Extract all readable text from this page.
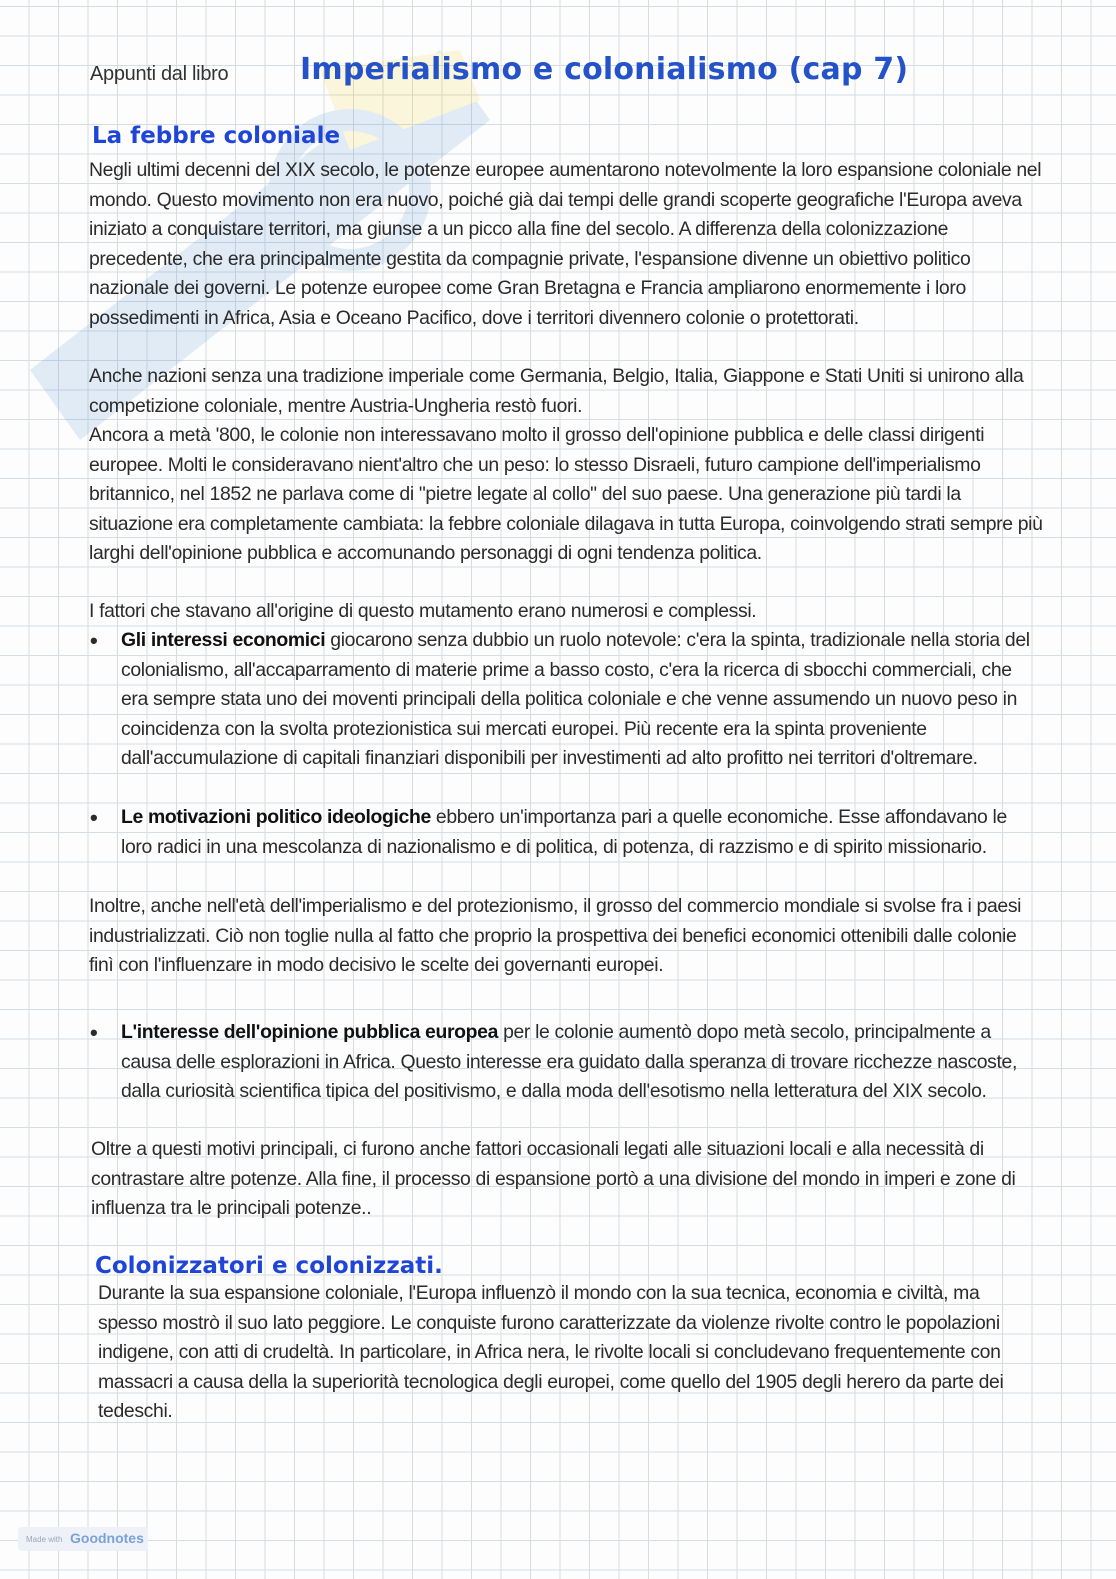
Appunti dal libro Imperialismo e colonialismo (cap 7)
La febbre coloniale

Negli ultimi decenni del XIX secolo, le potenze europee aumentarono notevolmente la loro espansione coloniale nel mondo. Questo movimento non era nuovo, poiché già dai tempi delle grandi scoperte geografiche l'Europa aveva iniziato a conquistare territori, ma giunse a un picco alla fine del secolo. A differenza della colonizzazione precedente, che era principalmente gestita da compagnie private, l'espansione divenne un obiettivo politico nazionale dei governi. Le potenze europee come Gran Bretagna e Francia ampliarono enormemente i loro possedimenti in Africa, Asia e Oceano Pacifico, dove i territori divennero colonie o protettorati.

Anche nazioni senza una tradizione imperiale come Germania, Belgio, Italia, Giappone e Stati Uniti si unirono alla competizione coloniale, mentre Austria-Ungheria restò fuori.

Ancora a metà '800, le colonie non interessavano molto il grosso dell'opinione pubblica e delle classi dirigenti europee. Molti le consideravano nient'altro che un peso: lo stesso Disraeli, futuro campione dell'imperialismo britannico, nel 1852 ne parlava come di "pietre legate al collo" del suo paese. Una generazione più tardi la situazione era completamente cambiata: la febbre coloniale dilagava in tutta Europa, coinvolgendo strati sempre più larghi dell'opinione pubblica e accomunando personaggi di ogni tendenza politica.

I fattori che stavano all'origine di questo mutamento erano numerosi e complessi.

• Gli interessi economici giocarono senza dubbio un ruolo notevole: c'era la spinta, tradizionale nella storia del colonialismo, all'accaparramento di materie prime a basso costo, c'era la ricerca di sbocchi commerciali, che era sempre stata uno dei moventi principali della politica coloniale e che venne assumendo un nuovo peso in coincidenza con la svolta protezionistica sui mercati europei. Più recente era la spinta proveniente dall'accumulazione di capitali finanziari disponibili per investimenti ad alto profitto nei territori d'oltremare.
• Le motivazioni politico ideologiche ebbero un'importanza pari a quelle economiche. Esse affondavano le loro radici in una mescolanza di nazionalismo e di politica, di potenza, di razzismo e di spirito missionario.

Inoltre, anche nell'età dell'imperialismo e del protezionismo, il grosso del commercio mondiale si svolse fra i paesi industrializzati. Ciò non toglie nulla al fatto che proprio la prospettiva dei benefici economici ottenibili dalle colonie finì con l'influenzare in modo decisivo le scelte dei governanti europei.

• L'interesse dell'opinione pubblica europea per le colonie aumentò dopo metà secolo, principalmente a causa delle esplorazioni in Africa. Questo interesse era guidato dalla speranza di trovare ricchezze nascoste, dalla curiosità scientifica tipica del positivismo, e dalla moda dell'esotismo nella letteratura del XIX secolo.

Oltre a questi motivi principali, ci furono anche fattori occasionali legati alle situazioni locali e alla necessità di contrastare altre potenze. Alla fine, il processo di espansione portò a una divisione del mondo in imperi e zone di influenza tra le principali potenze..

Colonizzatori e colonizzati.

Durante la sua espansione coloniale, l'Europa influenzò il mondo con la sua tecnica, economia e civiltà, ma spesso mostrò il suo lato peggiore. Le conquiste furono caratterizzate da violenze rivolte contro le popolazioni indigene, con atti di crudeltà. In particolare, in Africa nera, le rivolte locali si concludevano frequentemente con massacri a causa della la superiorità tecnologica degli europei, come quello del 1905 degli herero da parte dei tedeschi.

Made with Goodnotes
